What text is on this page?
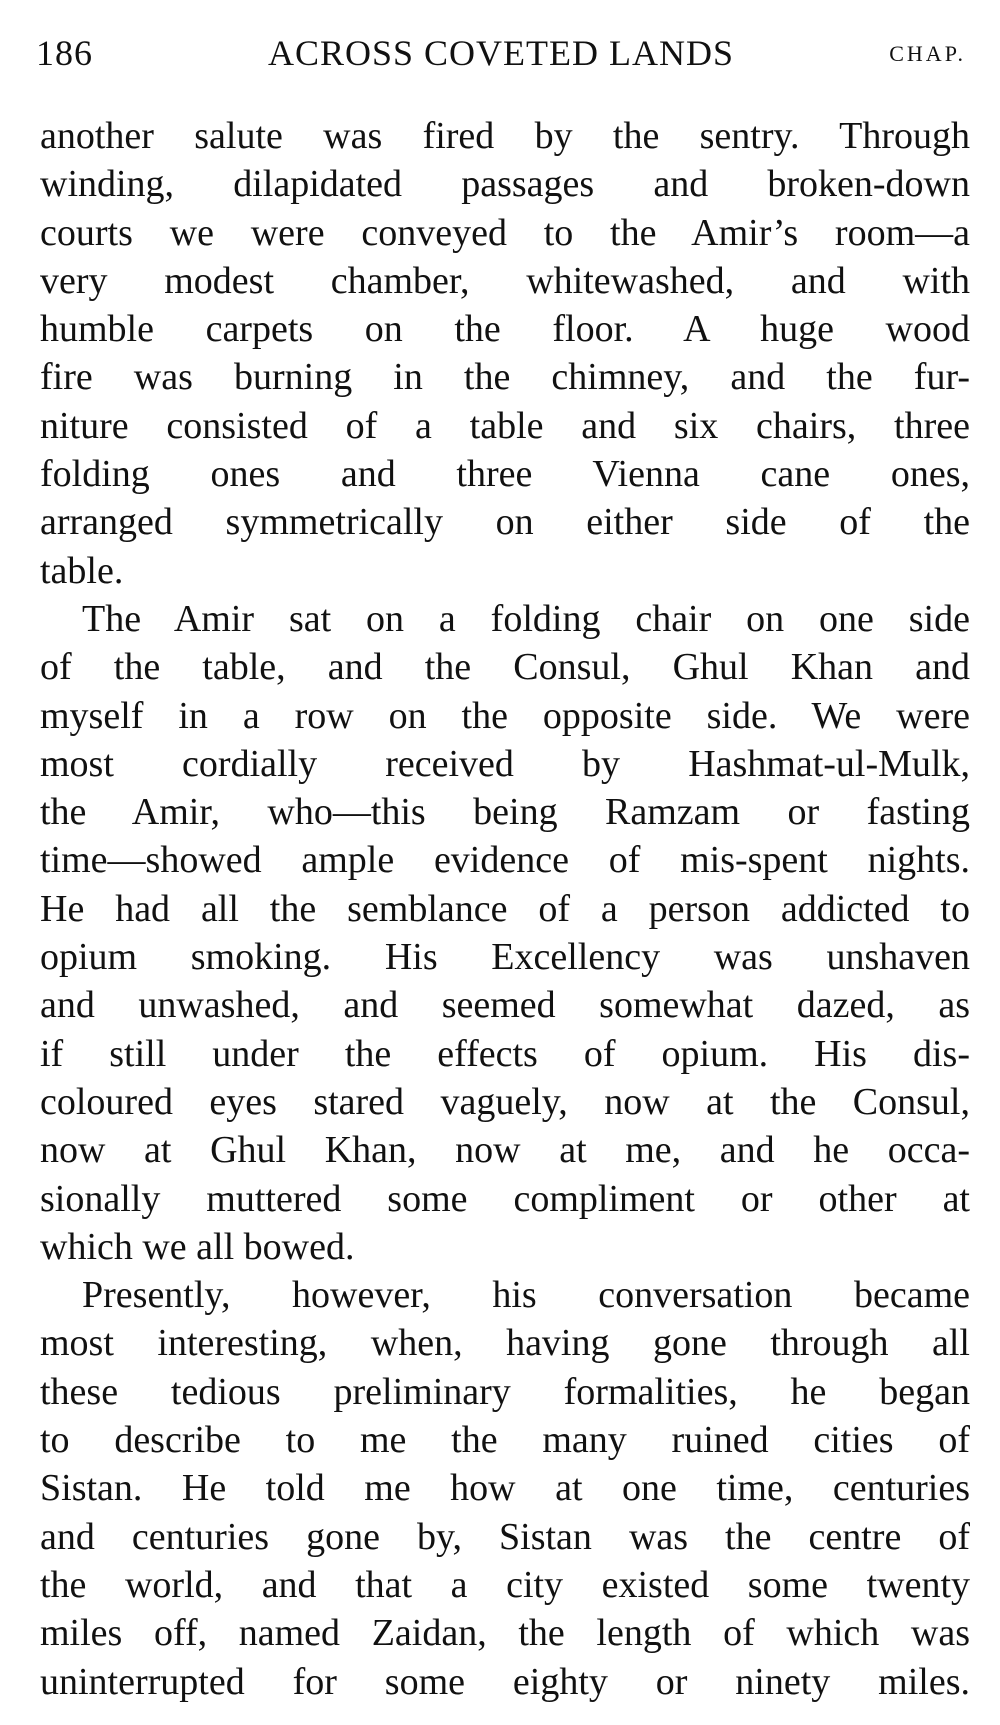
186	ACROSS COVETED LANDS	CHAP.
another salute was fired by the sentry. Through
winding, dilapidated passages and broken-down
courts we were conveyed to the Amir’s room—a
very modest chamber, whitewashed, and with
humble carpets on the floor. A huge wood
fire was burning in the chimney, and the fur-
niture consisted of a table and six chairs, three
folding ones and three Vienna cane ones,
arranged symmetrically on either side of the
table.
The Amir sat on a folding chair on one side
of the table, and the Consul, Ghul Khan and
myself in a row on the opposite side. We were
most cordially received by Hashmat-ul-Mulk,
the Amir, who—this being Ramzam or fasting
time—showed ample evidence of mis-spent nights.
He had all the semblance of a person addicted to
opium smoking. His Excellency was unshaven
and unwashed, and seemed somewhat dazed, as
if still under the effects of opium. His dis-
coloured eyes stared vaguely, now at the Consul,
now at Ghul Khan, now at me, and he occa-
sionally muttered some compliment or other at
which we all bowed.
Presently, however, his conversation became
most interesting, when, having gone through all
these tedious preliminary formalities, he began
to describe to me the many ruined cities of
Sistan. He told me how at one time, centuries
and centuries gone by, Sistan was the centre of
the world, and that a city existed some twenty
miles off, named Zaidan, the length of which was
uninterrupted for some eighty or ninety miles.
